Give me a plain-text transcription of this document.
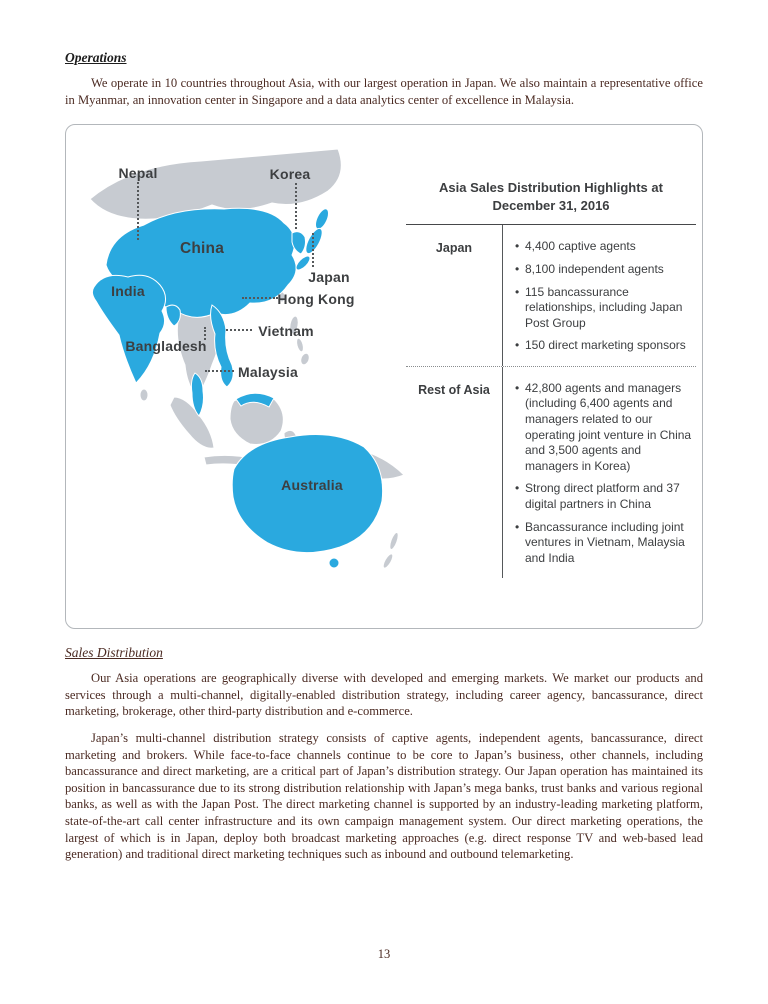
Operations

We operate in 10 countries throughout Asia, with our largest operation in Japan. We also maintain a representative office in Myanmar, an innovation center in Singapore and a data analytics center of excellence in Malaysia.

Nepal	Korea
China
Japan
India	Hong Kong
Vietnam
Bangladesh
Malaysia
Australia
Asia Sales Distribution Highlights at
December 31, 2016
Japan	• 4,400 captive agents
• 8,100 independent agents
• 115 bancassurance relationships, including Japan Post Group
• 150 direct marketing sponsors
Rest of Asia	• 42,800 agents and managers (including 6,400 agents and managers related to our operating joint venture in China and 3,500 agents and managers in Korea)
• Strong direct platform and 37 digital partners in China
• Bancassurance including joint ventures in Vietnam, Malaysia and India
Sales Distribution

Our Asia operations are geographically diverse with developed and emerging markets. We market our products and services through a multi-channel, digitally-enabled distribution strategy, including career agency, bancassurance, direct marketing, brokerage, other third-party distribution and e-commerce.

Japan’s multi-channel distribution strategy consists of captive agents, independent agents, bancassurance, direct marketing and brokers. While face-to-face channels continue to be core to Japan’s business, other channels, including bancassurance and direct marketing, are a critical part of Japan’s distribution strategy. Our Japan operation has maintained its position in bancassurance due to its strong distribution relationship with Japan’s mega banks, trust banks and various regional banks, as well as with the Japan Post. The direct marketing channel is supported by an industry-leading marketing platform, state-of-the-art call center infrastructure and its own campaign management system. Our direct marketing operations, the largest of which is in Japan, deploy both broadcast marketing approaches (e.g. direct response TV and web-based lead generation) and traditional direct marketing techniques such as inbound and outbound telemarketing.

13
